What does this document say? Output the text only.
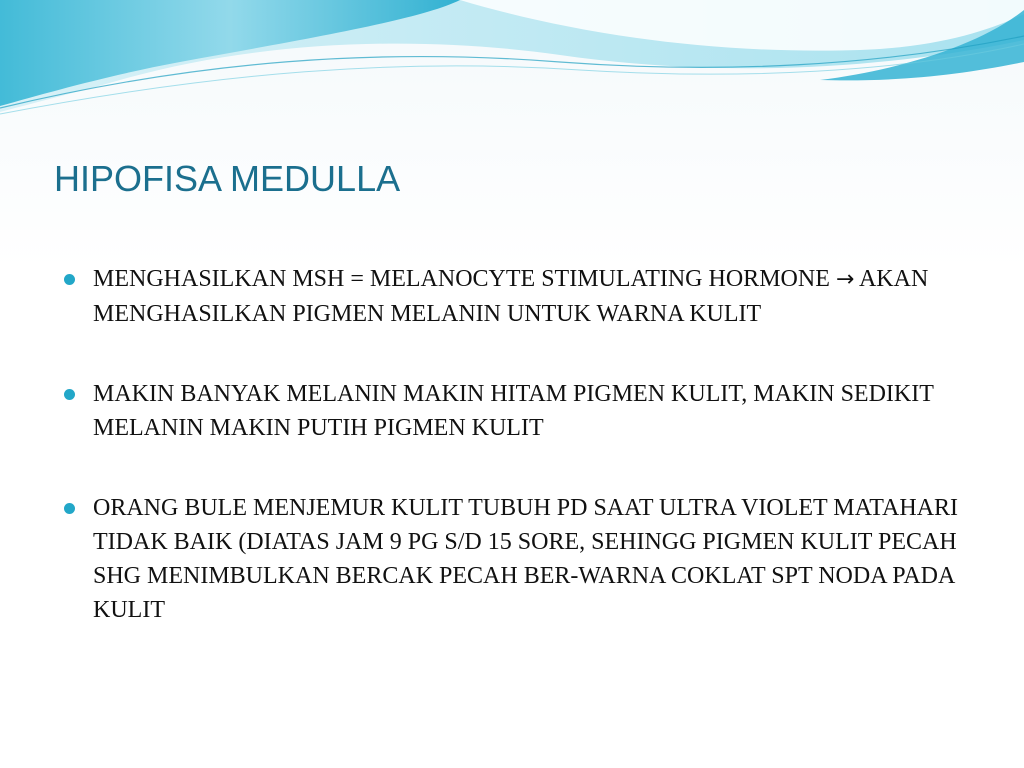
HIPOFISA MEDULLA
MENGHASILKAN MSH = MELANOCYTE STIMULATING HORMONE → AKAN MENGHASILKAN PIGMEN MELANIN UNTUK WARNA KULIT
MAKIN BANYAK MELANIN MAKIN HITAM PIGMEN KULIT, MAKIN SEDIKIT MELANIN MAKIN PUTIH PIGMEN KULIT
ORANG BULE MENJEMUR KULIT TUBUH PD SAAT ULTRA VIOLET MATAHARI TIDAK BAIK (DIATAS JAM 9 PG S/D 15 SORE, SEHINGG PIGMEN KULIT PECAH SHG MENIMBULKAN BERCAK PECAH BER-WARNA COKLAT SPT NODA PADA KULIT
